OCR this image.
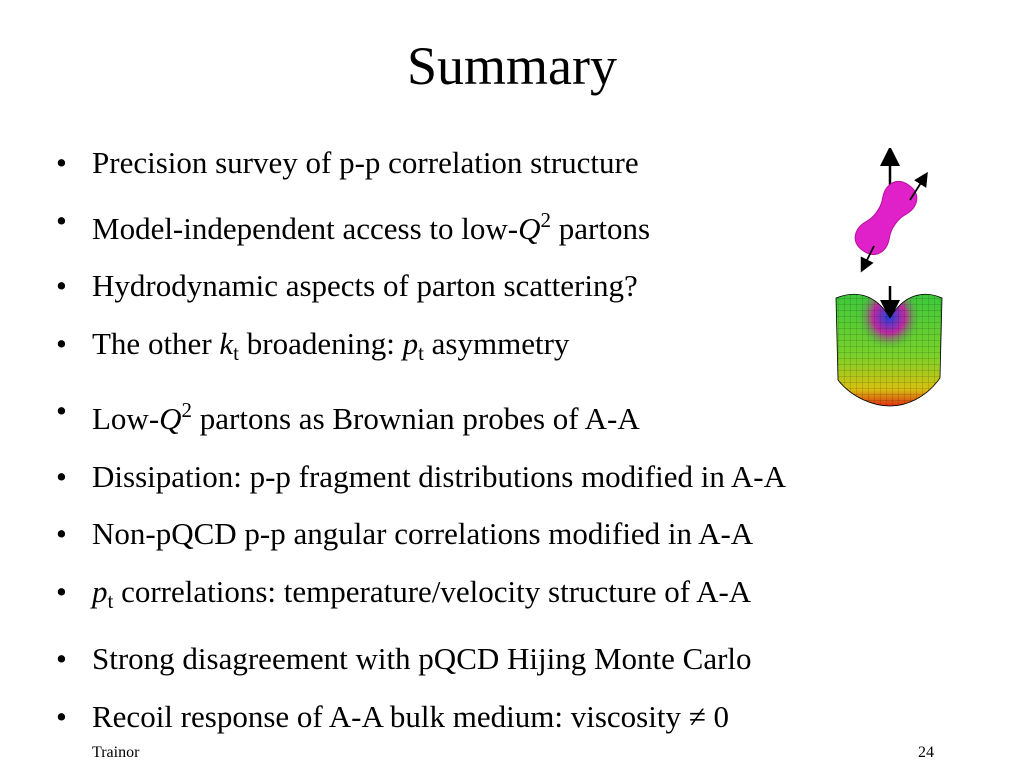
Summary
• Precision survey of p-p correlation structure
• Model-independent access to low-$Q^2$ partons
• Hydrodynamic aspects of parton scattering?
• The other $k_t$ broadening: $p_t$ asymmetry
• Low-$Q^2$ partons as Brownian probes of A-A
• Dissipation: p-p fragment distributions modified in A-A
• Non-pQCD p-p angular correlations modified in A-A
• $p_t$ correlations: temperature/velocity structure of A-A
• Strong disagreement with pQCD Hijing Monte Carlo
• Recoil response of A-A bulk medium: viscosity ≠ 0
Trainor	24
